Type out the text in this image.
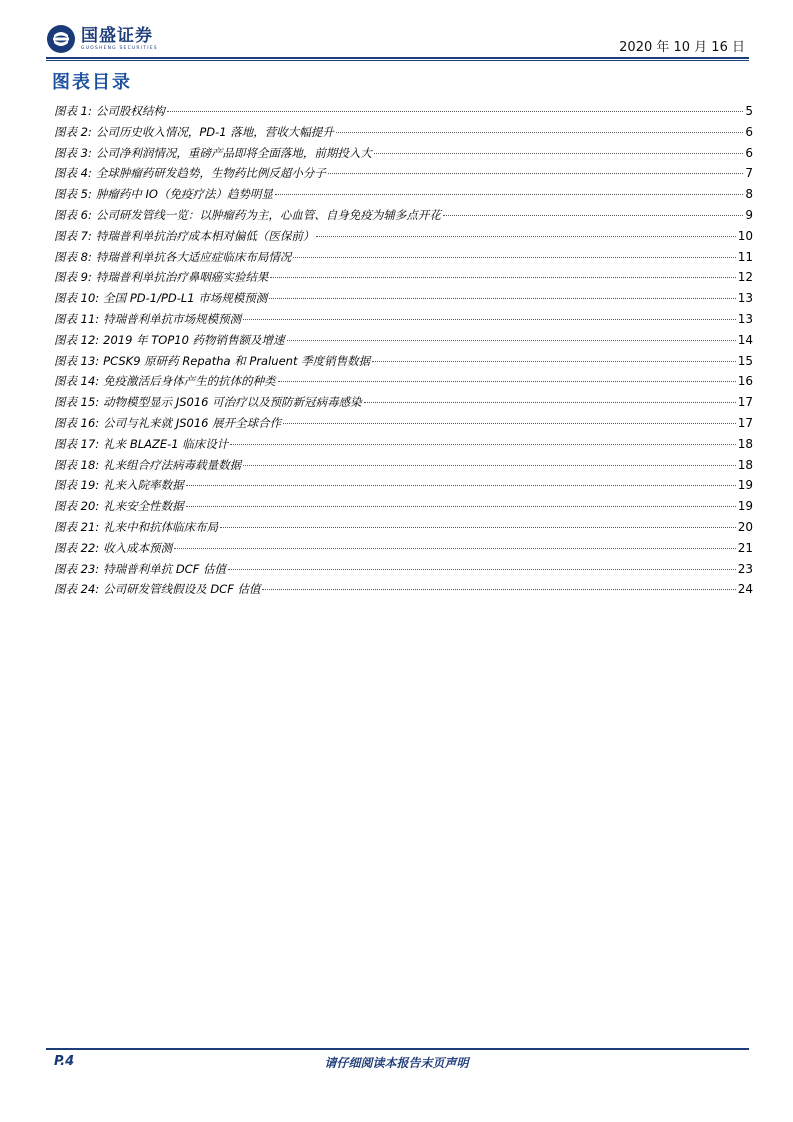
国盛证券
GUOSHENG SECURITIES	2020 年 10 月 16 日
图表目录
图表 1: 公司股权结构	5
图表 2: 公司历史收入情况，PD-1 落地，营收大幅提升	6
图表 3: 公司净利润情况，重磅产品即将全面落地，前期投入大	6
图表 4: 全球肿瘤药研发趋势，生物药比例反超小分子	7
图表 5: 肿瘤药中 IO（免疫疗法）趋势明显	8
图表 6: 公司研发管线一览：以肿瘤药为主，心血管、自身免疫为辅多点开花	9
图表 7: 特瑞普利单抗治疗成本相对偏低（医保前）	10
图表 8: 特瑞普利单抗各大适应症临床布局情况	11
图表 9: 特瑞普利单抗治疗鼻咽癌实验结果	12
图表 10: 全国 PD-1/PD-L1 市场规模预测	13
图表 11: 特瑞普利单抗市场规模预测	13
图表 12: 2019 年 TOP10 药物销售额及增速	14
图表 13: PCSK9 原研药 Repatha 和 Praluent 季度销售数据	15
图表 14: 免疫激活后身体产生的抗体的种类	16
图表 15: 动物模型显示 JS016 可治疗以及预防新冠病毒感染	17
图表 16: 公司与礼来就 JS016 展开全球合作	17
图表 17: 礼来 BLAZE-1 临床设计	18
图表 18: 礼来组合疗法病毒载量数据	18
图表 19: 礼来入院率数据	19
图表 20: 礼来安全性数据	19
图表 21: 礼来中和抗体临床布局	20
图表 22: 收入成本预测	21
图表 23: 特瑞普利单抗 DCF 估值	23
图表 24: 公司研发管线假设及 DCF 估值	24
P.4	请仔细阅读本报告末页声明
